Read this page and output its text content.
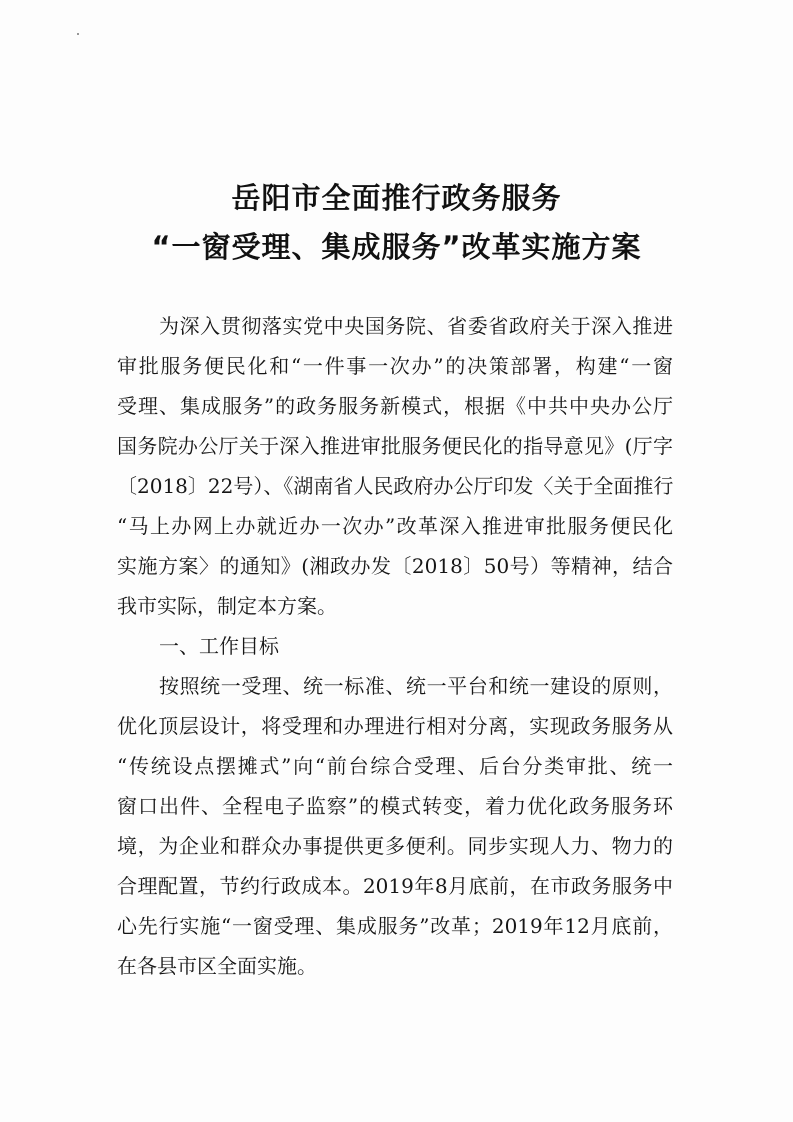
岳阳市全面推行政务服务
“一窗受理、集成服务”改革实施方案
为深入贯彻落实党中央国务院、省委省政府关于深入推进
审批服务便民化和“一件事一次办”的决策部署，构建“一窗
受理、集成服务”的政务服务新模式，根据《中共中央办公厅
国务院办公厅关于深入推进审批服务便民化的指导意见》(厅字
〔2018〕22号）、《湖南省人民政府办公厅印发〈关于全面推行
“马上办网上办就近办一次办”改革深入推进审批服务便民化
实施方案〉的通知》(湘政办发〔2018〕50号）等精神，结合
我市实际，制定本方案。
一、工作目标
按照统一受理、统一标准、统一平台和统一建设的原则，
优化顶层设计，将受理和办理进行相对分离，实现政务服务从
“传统设点摆摊式”向“前台综合受理、后台分类审批、统一
窗口出件、全程电子监察”的模式转变，着力优化政务服务环
境，为企业和群众办事提供更多便利。同步实现人力、物力的
合理配置，节约行政成本。2019年8月底前，在市政务服务中
心先行实施“一窗受理、集成服务”改革；2019年12月底前，
在各县市区全面实施。
